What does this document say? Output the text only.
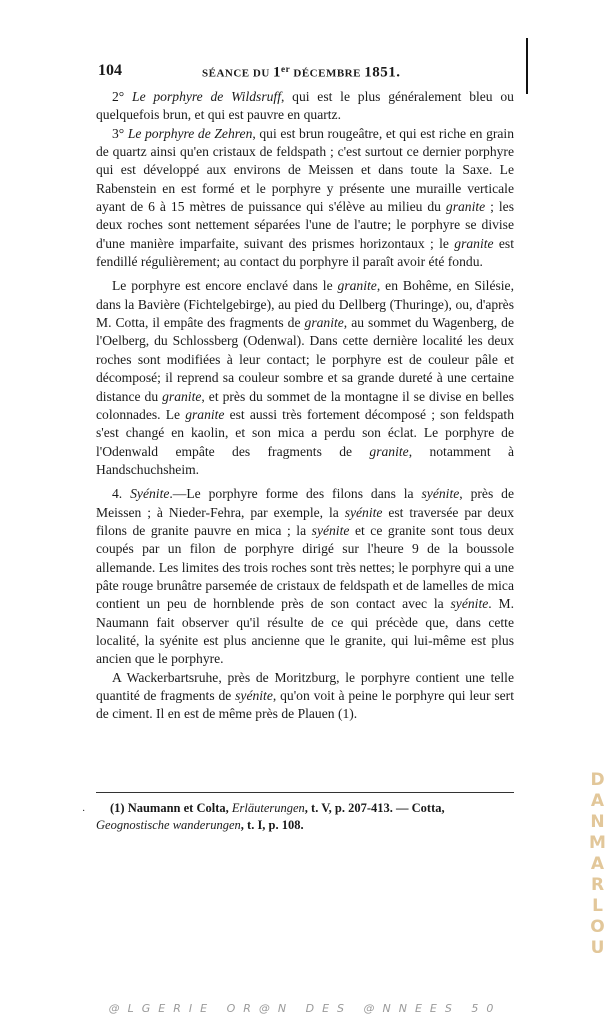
104	SÉANCE DU 1er DÉCEMBRE 1851.

2° Le porphyre de Wildsruff, qui est le plus généralement bleu ou quelquefois brun, et qui est pauvre en quartz.

3° Le porphyre de Zehren, qui est brun rougeâtre, et qui est riche en grain de quartz ainsi qu'en cristaux de feldspath ; c'est surtout ce dernier porphyre qui est développé aux environs de Meissen et dans toute la Saxe. Le Rabenstein en est formé et le porphyre y présente une muraille verticale ayant de 6 à 15 mètres de puissance qui s'élève au milieu du granite ; les deux roches sont nettement séparées l'une de l'autre; le porphyre se divise d'une manière imparfaite, suivant des prismes horizontaux ; le granite est fendillé régulièrement; au contact du porphyre il paraît avoir été fondu.

Le porphyre est encore enclavé dans le granite, en Bohême, en Silésie, dans la Bavière (Fichtelgebirge), au pied du Dellberg (Thuringe), ou, d'après M. Cotta, il empâte des fragments de granite, au sommet du Wagenberg, de l'Oelberg, du Schlossberg (Odenwal). Dans cette dernière localité les deux roches sont modifiées à leur contact; le porphyre est de couleur pâle et décomposé; il reprend sa couleur sombre et sa grande dureté à une certaine distance du granite, et près du sommet de la montagne il se divise en belles colonnades. Le granite est aussi très fortement décomposé ; son feldspath s'est changé en kaolin, et son mica a perdu son éclat. Le porphyre de l'Odenwald empâte des fragments de granite, notamment à Handschuchsheim.

4. Syénite.—Le porphyre forme des filons dans la syénite, près de Meissen ; à Nieder-Fehra, par exemple, la syénite est traversée par deux filons de granite pauvre en mica ; la syénite et ce granite sont tous deux coupés par un filon de porphyre dirigé sur l'heure 9 de la boussole allemande. Les limites des trois roches sont très nettes; le porphyre qui a une pâte rouge brunâtre parsemée de cristaux de feldspath et de lamelles de mica contient un peu de hornblende près de son contact avec la syénite. M. Naumann fait observer qu'il résulte de ce qui précède que, dans cette localité, la syénite est plus ancienne que le granite, qui lui-même est plus ancien que le porphyre.

A Wackerbartsruhe, près de Moritzburg, le porphyre contient une telle quantité de fragments de syénite, qu'on voit à peine le porphyre qui leur sert de ciment. Il en est de même près de Plauen (1).

·	(1) Naumann et Colta, Erläuterungen, t. V, p. 207-413. — Cotta, Geognostische wanderungen, t. I, p. 108.
D
A
N
M
A
R
L
O
U
@LGERIE OR@N DES @NNEES 50
